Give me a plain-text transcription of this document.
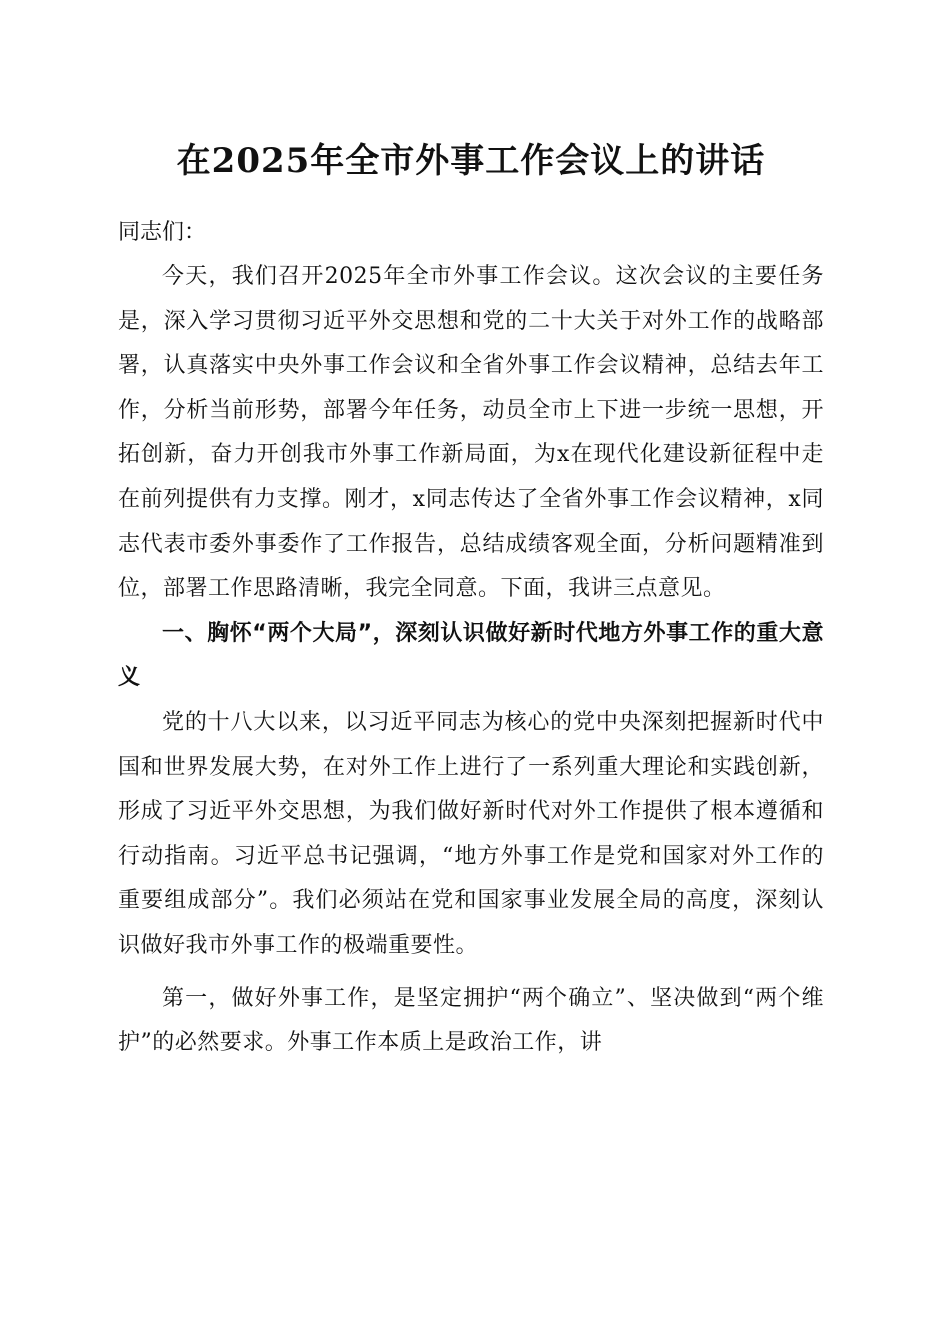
在2025年全市外事工作会议上的讲话

同志们：

今天，我们召开2025年全市外事工作会议。这次会议的主要任务是，深入学习贯彻习近平外交思想和党的二十大关于对外工作的战略部署，认真落实中央外事工作会议和全省外事工作会议精神，总结去年工作，分析当前形势，部署今年任务，动员全市上下进一步统一思想，开拓创新，奋力开创我市外事工作新局面，为x在现代化建设新征程中走在前列提供有力支撑。刚才，x同志传达了全省外事工作会议精神，x同志代表市委外事委作了工作报告，总结成绩客观全面，分析问题精准到位，部署工作思路清晰，我完全同意。下面，我讲三点意见。

一、胸怀“两个大局”，深刻认识做好新时代地方外事工作的重大意义

党的十八大以来，以习近平同志为核心的党中央深刻把握新时代中国和世界发展大势，在对外工作上进行了一系列重大理论和实践创新，形成了习近平外交思想，为我们做好新时代对外工作提供了根本遵循和行动指南。习近平总书记强调，“地方外事工作是党和国家对外工作的重要组成部分”。我们必须站在党和国家事业发展全局的高度，深刻认识做好我市外事工作的极端重要性。

第一，做好外事工作，是坚定拥护“两个确立”、坚决做到“两个维护”的必然要求。外事工作本质上是政治工作，讲
